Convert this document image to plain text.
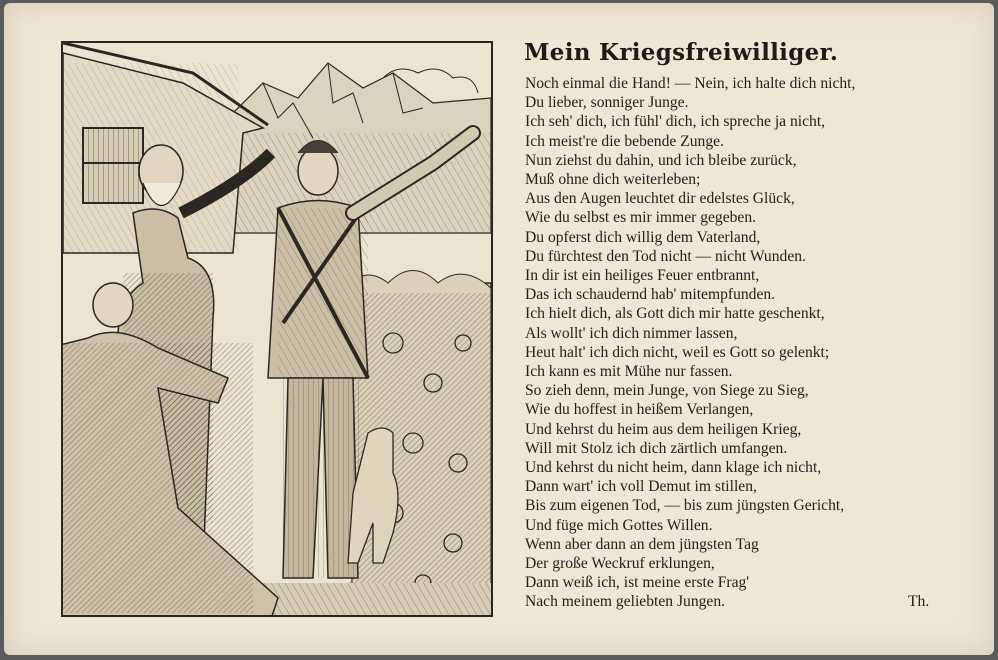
Mein Kriegsfreiwilliger.
Noch einmal die Hand! — Nein, ich halte dich nicht,
Du lieber, sonniger Junge.
Ich seh' dich, ich fühl' dich, ich spreche ja nicht,
Ich meist're die bebende Zunge.
Nun ziehst du dahin, und ich bleibe zurück,
Muß ohne dich weiterleben;
Aus den Augen leuchtet dir edelstes Glück,
Wie du selbst es mir immer gegeben.
Du opferst dich willig dem Vaterland,
Du fürchtest den Tod nicht — nicht Wunden.
In dir ist ein heiliges Feuer entbrannt,
Das ich schaudernd hab' mitempfunden.
Ich hielt dich, als Gott dich mir hatte geschenkt,
Als wollt' ich dich nimmer lassen,
Heut halt' ich dich nicht, weil es Gott so gelenkt;
Ich kann es mit Mühe nur fassen.
So zieh denn, mein Junge, von Siege zu Sieg,
Wie du hoffest in heißem Verlangen,
Und kehrst du heim aus dem heiligen Krieg,
Will mit Stolz ich dich zärtlich umfangen.
Und kehrst du nicht heim, dann klage ich nicht,
Dann wart' ich voll Demut im stillen,
Bis zum eigenen Tod, — bis zum jüngsten Gericht,
Und füge mich Gottes Willen.
Wenn aber dann an dem jüngsten Tag
Der große Weckruf erklungen,
Dann weiß ich, ist meine erste Frag'
Nach meinem geliebten Jungen.	Th.
